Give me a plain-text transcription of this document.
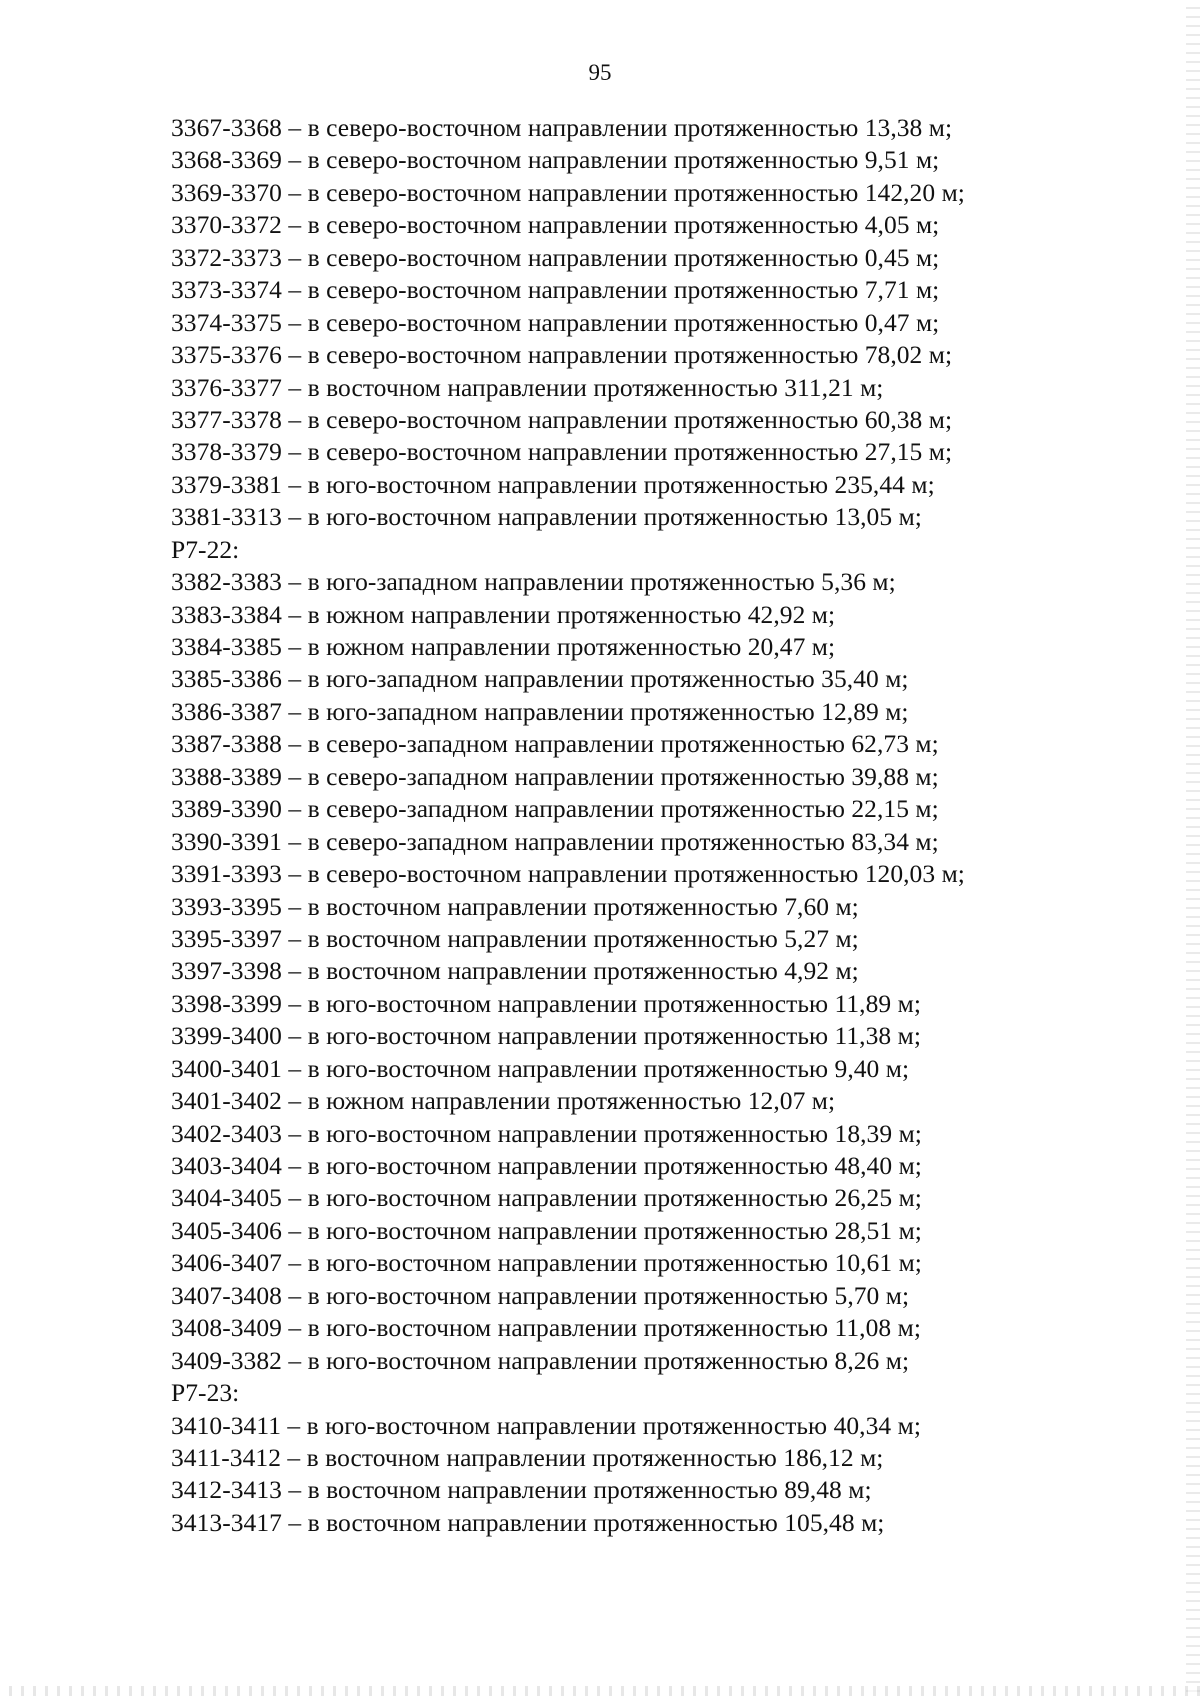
95
3367-3368 – в северо-восточном направлении протяженностью 13,38 м;
3368-3369 – в северо-восточном направлении протяженностью 9,51 м;
3369-3370 – в северо-восточном направлении протяженностью 142,20 м;
3370-3372 – в северо-восточном направлении протяженностью 4,05 м;
3372-3373 – в северо-восточном направлении протяженностью 0,45 м;
3373-3374 – в северо-восточном направлении протяженностью 7,71 м;
3374-3375 – в северо-восточном направлении протяженностью 0,47 м;
3375-3376 – в северо-восточном направлении протяженностью 78,02 м;
3376-3377 – в восточном направлении протяженностью 311,21 м;
3377-3378 – в северо-восточном направлении протяженностью 60,38 м;
3378-3379 – в северо-восточном направлении протяженностью 27,15 м;
3379-3381 – в юго-восточном направлении протяженностью 235,44 м;
3381-3313 – в юго-восточном направлении протяженностью 13,05 м;
Р7-22:
3382-3383 – в юго-западном направлении протяженностью 5,36 м;
3383-3384 – в южном направлении протяженностью 42,92 м;
3384-3385 – в южном направлении протяженностью 20,47 м;
3385-3386 – в юго-западном направлении протяженностью 35,40 м;
3386-3387 – в юго-западном направлении протяженностью 12,89 м;
3387-3388 – в северо-западном направлении протяженностью 62,73 м;
3388-3389 – в северо-западном направлении протяженностью 39,88 м;
3389-3390 – в северо-западном направлении протяженностью 22,15 м;
3390-3391 – в северо-западном направлении протяженностью 83,34 м;
3391-3393 – в северо-восточном направлении протяженностью 120,03 м;
3393-3395 – в восточном направлении протяженностью 7,60 м;
3395-3397 – в восточном направлении протяженностью 5,27 м;
3397-3398 – в восточном направлении протяженностью 4,92 м;
3398-3399 – в юго-восточном направлении протяженностью 11,89 м;
3399-3400 – в юго-восточном направлении протяженностью 11,38 м;
3400-3401 – в юго-восточном направлении протяженностью 9,40 м;
3401-3402 – в южном направлении протяженностью 12,07 м;
3402-3403 – в юго-восточном направлении протяженностью 18,39 м;
3403-3404 – в юго-восточном направлении протяженностью 48,40 м;
3404-3405 – в юго-восточном направлении протяженностью 26,25 м;
3405-3406 – в юго-восточном направлении протяженностью 28,51 м;
3406-3407 – в юго-восточном направлении протяженностью 10,61 м;
3407-3408 – в юго-восточном направлении протяженностью 5,70 м;
3408-3409 – в юго-восточном направлении протяженностью 11,08 м;
3409-3382 – в юго-восточном направлении протяженностью 8,26 м;
Р7-23:
3410-3411 – в юго-восточном направлении протяженностью 40,34 м;
3411-3412 – в восточном направлении протяженностью 186,12 м;
3412-3413 – в восточном направлении протяженностью 89,48 м;
3413-3417 – в восточном направлении протяженностью 105,48 м;
